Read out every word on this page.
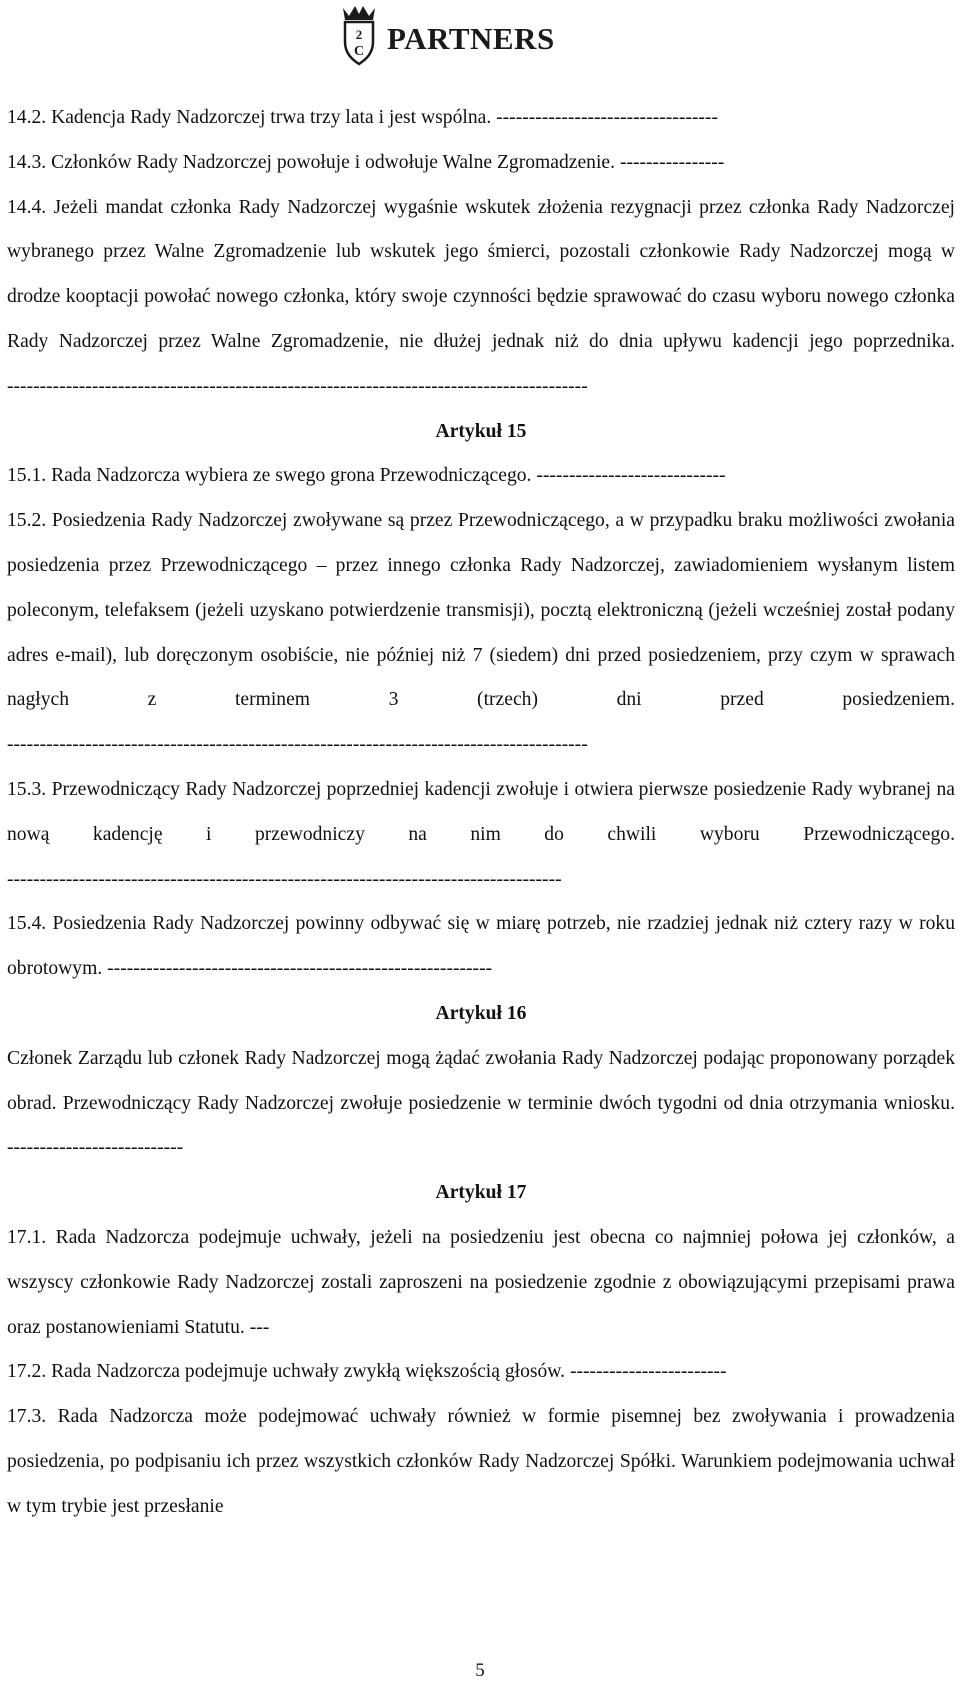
2
C PARTNERS

14.2. Kadencja Rady Nadzorczej trwa trzy lata i jest wspólna. ----------------------------------

14.3. Członków Rady Nadzorczej powołuje i odwołuje Walne Zgromadzenie. ----------------

14.4. Jeżeli mandat członka Rady Nadzorczej wygaśnie wskutek złożenia rezygnacji przez członka Rady Nadzorczej wybranego przez Walne Zgromadzenie lub wskutek jego śmierci, pozostali członkowie Rady Nadzorczej mogą w drodze kooptacji powołać nowego członka, który swoje czynności będzie sprawować do czasu wyboru nowego członka Rady Nadzorczej przez Walne Zgromadzenie, nie dłużej jednak niż do dnia upływu kadencji jego poprzednika. -----------------------------------------------------------------------------------------

Artykuł 15

15.1. Rada Nadzorcza wybiera ze swego grona Przewodniczącego. -----------------------------

15.2. Posiedzenia Rady Nadzorczej zwoływane są przez Przewodniczącego, a w przypadku braku możliwości zwołania posiedzenia przez Przewodniczącego – przez innego członka Rady Nadzorczej, zawiadomieniem wysłanym listem poleconym, telefaksem (jeżeli uzyskano potwierdzenie transmisji), pocztą elektroniczną (jeżeli wcześniej został podany adres e-mail), lub doręczonym osobiście, nie później niż 7 (siedem) dni przed posiedzeniem, przy czym w sprawach nagłych z terminem 3 (trzech) dni przed posiedzeniem. -----------------------------------------------------------------------------------------

15.3. Przewodniczący Rady Nadzorczej poprzedniej kadencji zwołuje i otwiera pierwsze posiedzenie Rady wybranej na nową kadencję i przewodniczy na nim do chwili wyboru Przewodniczącego. -------------------------------------------------------------------------------------

15.4. Posiedzenia Rady Nadzorczej powinny odbywać się w miarę potrzeb, nie rzadziej jednak niż cztery razy w roku obrotowym. -----------------------------------------------------------

Artykuł 16

Członek Zarządu lub członek Rady Nadzorczej mogą żądać zwołania Rady Nadzorczej podając proponowany porządek obrad. Przewodniczący Rady Nadzorczej zwołuje posiedzenie w terminie dwóch tygodni od dnia otrzymania wniosku. ---------------------------

Artykuł 17

17.1. Rada Nadzorcza podejmuje uchwały, jeżeli na posiedzeniu jest obecna co najmniej połowa jej członków, a wszyscy członkowie Rady Nadzorczej zostali zaproszeni na posiedzenie zgodnie z obowiązującymi przepisami prawa oraz postanowieniami Statutu. ---

17.2. Rada Nadzorcza podejmuje uchwały zwykłą większością głosów. ------------------------

17.3. Rada Nadzorcza może podejmować uchwały również w formie pisemnej bez zwoływania i prowadzenia posiedzenia, po podpisaniu ich przez wszystkich członków Rady Nadzorczej Spółki. Warunkiem podejmowania uchwał w tym trybie jest przesłanie

5
